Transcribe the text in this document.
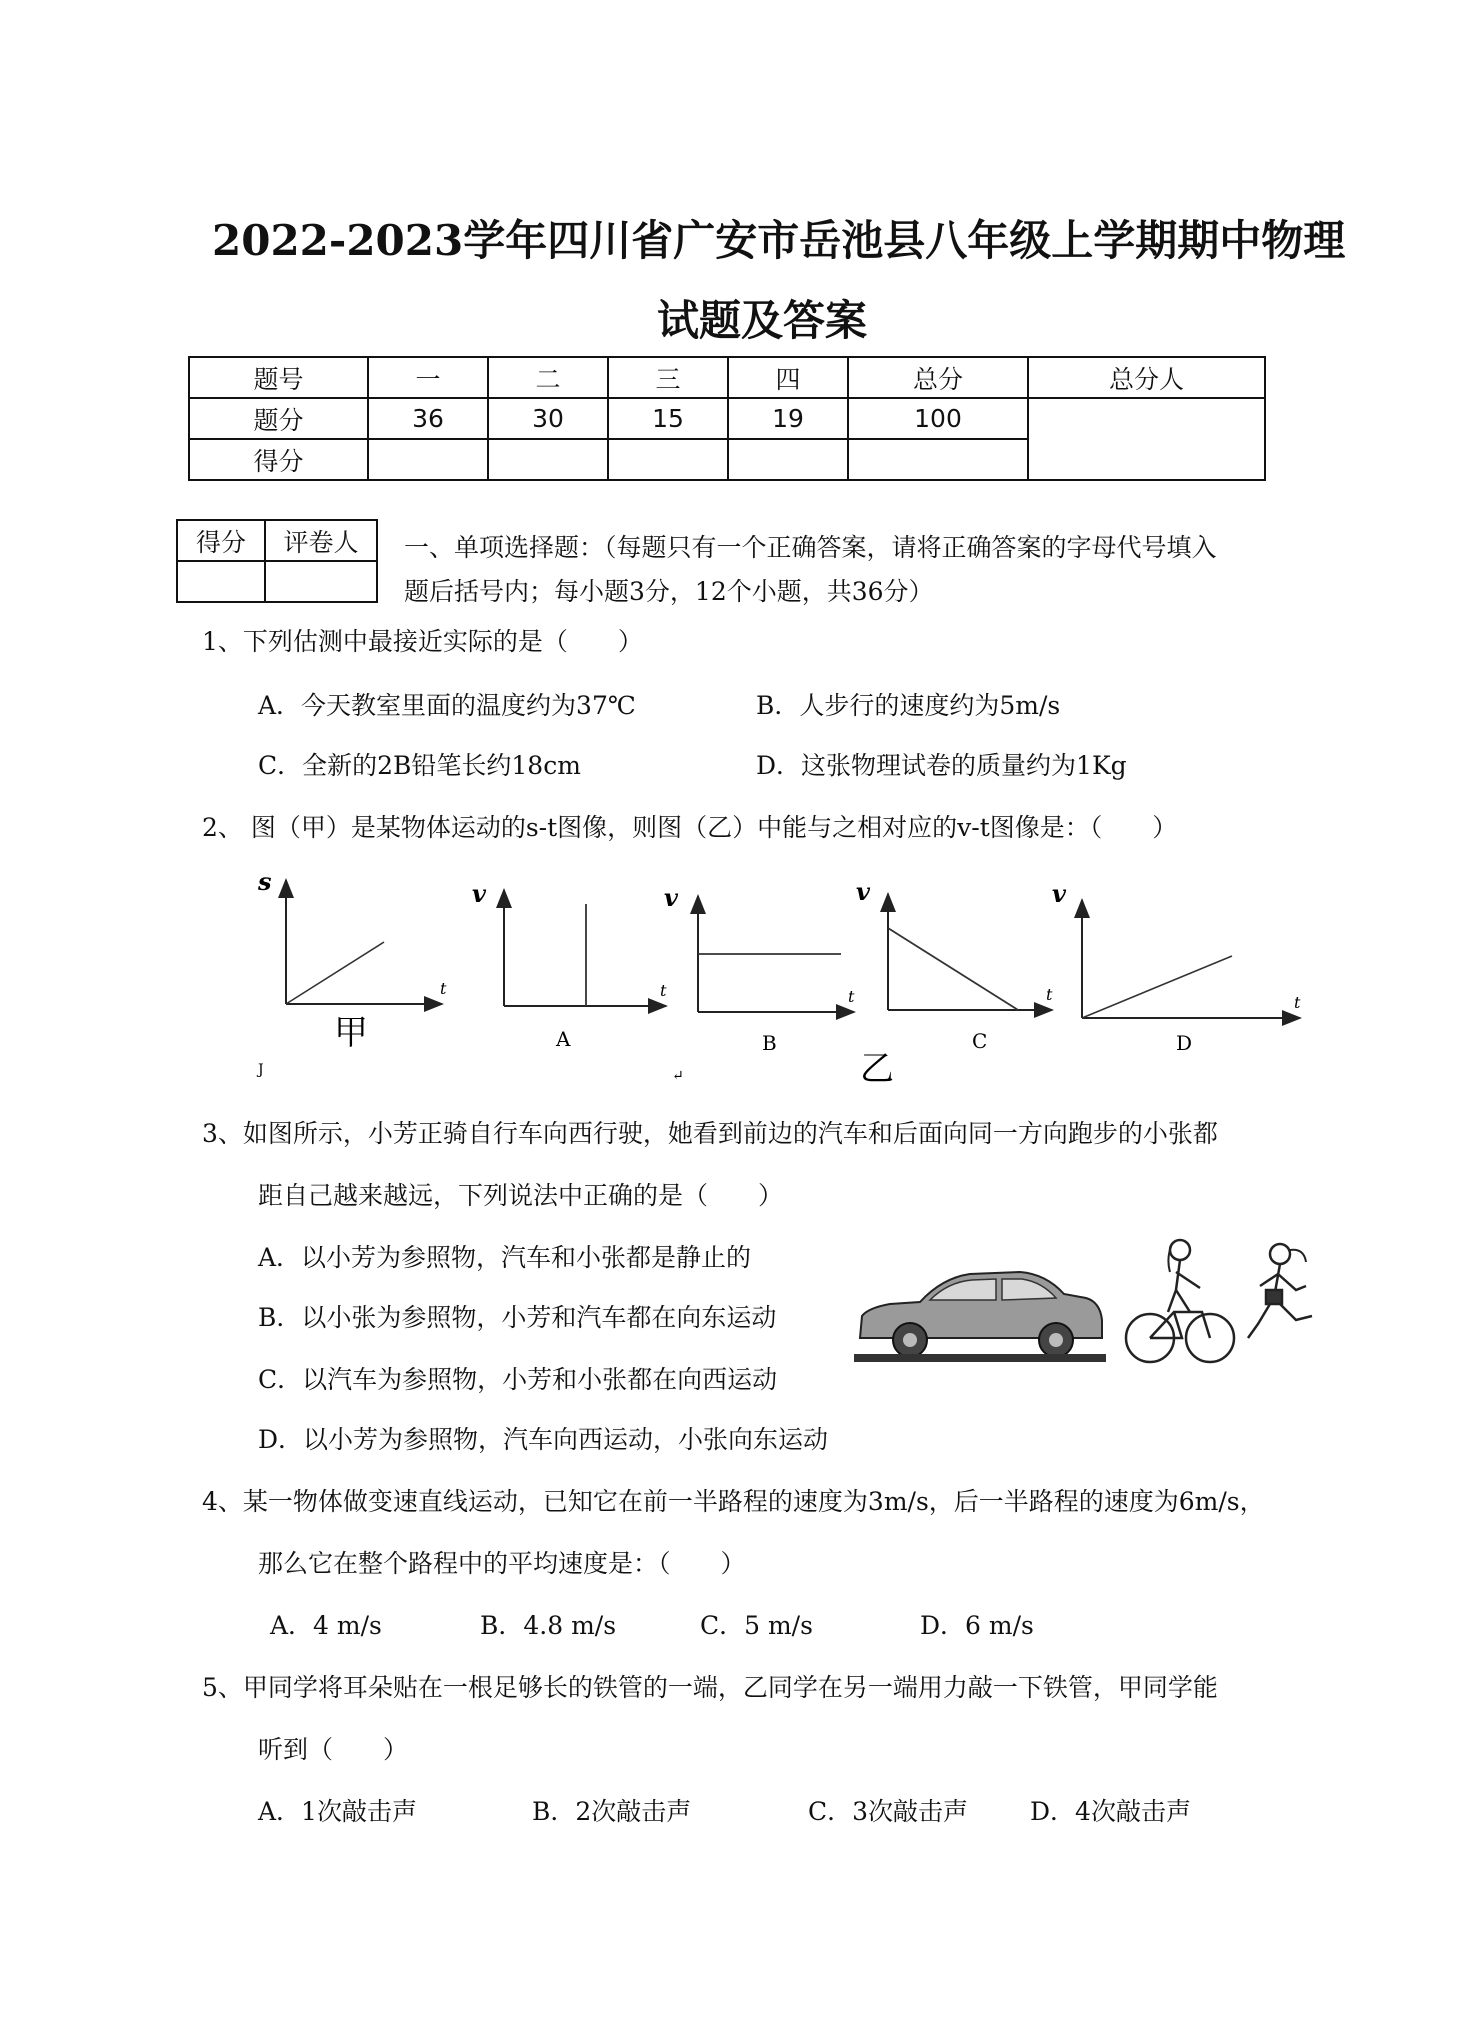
2022-2023学年四川省广安市岳池县八年级上学期期中物理
试题及答案
题号	一	二	三	四	总分	总分人
题分	36	30	15	19	100	
得分						
得分	评卷人
	一、单项选择题：（每题只有一个正确答案，请将正确答案的字母代号填入
题后括号内；每小题3分，12个小题，共36分）
1、下列估测中最接近实际的是（　　）
A．今天教室里面的温度约为37℃	B．人步行的速度约为5m/s
C．全新的2B铅笔长约18cm	D．这张物理试卷的质量约为1Kg
2、 图（甲）是某物体运动的s-t图像，则图（乙）中能与之相对应的v-t图像是：（　　）
s
t
甲
J
v
t
A
v
t
B
乙
↵
v
t
C
v
t
D
3、如图所示，小芳正骑自行车向西行驶，她看到前边的汽车和后面向同一方向跑步的小张都
距自己越来越远，下列说法中正确的是（　　）
A．以小芳为参照物，汽车和小张都是静止的
B．以小张为参照物，小芳和汽车都在向东运动
C．以汽车为参照物，小芳和小张都在向西运动
D．以小芳为参照物，汽车向西运动，小张向东运动
4、某一物体做变速直线运动，已知它在前一半路程的速度为3m/s，后一半路程的速度为6m/s，
那么它在整个路程中的平均速度是：（　　）
A．4 m/s	B．4.8 m/s	C．5 m/s	D．6 m/s
5、甲同学将耳朵贴在一根足够长的铁管的一端，乙同学在另一端用力敲一下铁管，甲同学能
听到（　　）
A．1次敲击声	B．2次敲击声	C．3次敲击声 D．4次敲击声
